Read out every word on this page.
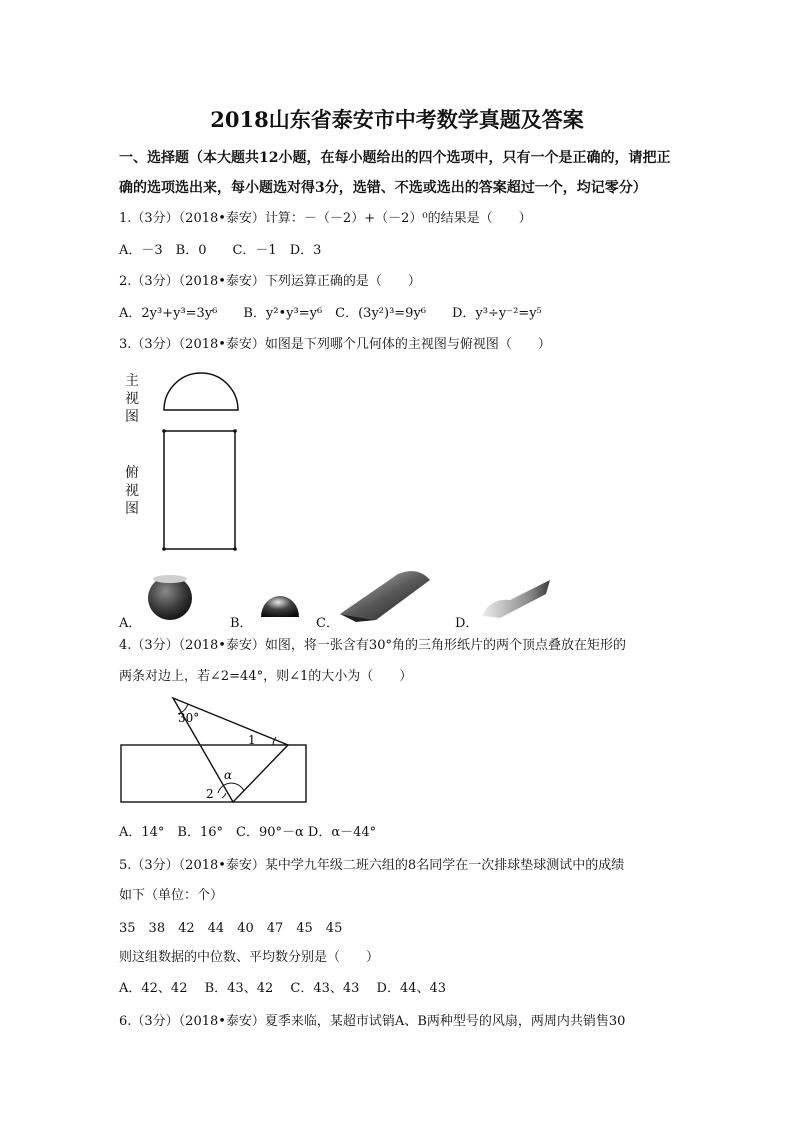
2018山东省泰安市中考数学真题及答案
一、选择题（本大题共12小题，在每小题给出的四个选项中，只有一个是正确的，请把正
确的选项选出来，每小题选对得3分，选错、不选或选出的答案超过一个，均记零分）
1.（3分）（2018•泰安）计算：－（－2）+（－2）⁰的结果是（　　）
A．－3　B．0　　C．－1　D．3
2.（3分）（2018•泰安）下列运算正确的是（　　）
A．2y³+y³=3y⁶　　B．y²•y³=y⁶　C．(3y²)³=9y⁶　　D．y³÷y⁻²=y⁵
3.（3分）（2018•泰安）如图是下列哪个几何体的主视图与俯视图（　　）
主
视
图
俯
视
图
A．	B．	C．	D．
4.（3分）（2018•泰安）如图，将一张含有30°角的三角形纸片的两个顶点叠放在矩形的
两条对边上，若∠2=44°，则∠1的大小为（　　）
30°
1
2
α
A．14°　B．16°　C．90°－α D．α－44°
5.（3分）（2018•泰安）某中学九年级二班六组的8名同学在一次排球垫球测试中的成绩
如下（单位：个）
35　38　42　44　40　47　45　45
则这组数据的中位数、平均数分别是（　　）
A．42、42　 B．43、42　 C．43、43　 D．44、43
6.（3分）（2018•泰安）夏季来临，某超市试销A、B两种型号的风扇，两周内共销售30
